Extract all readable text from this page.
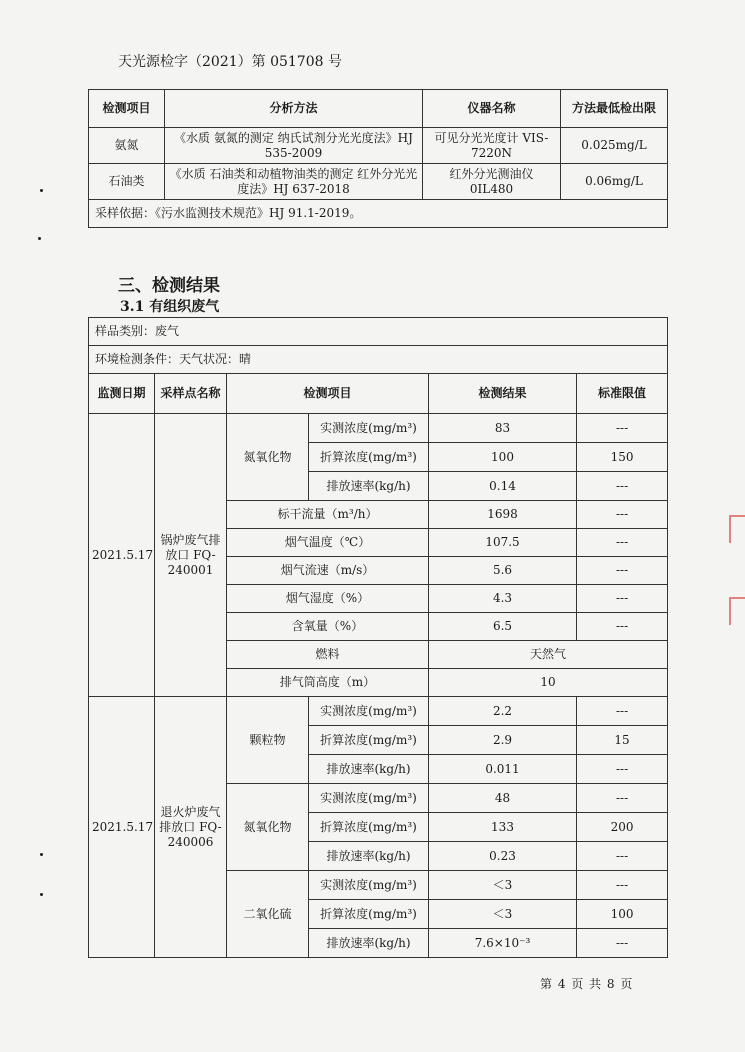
天光源检字（2021）第 051708 号
检测项目	分析方法	仪器名称	方法最低检出限
氨氮	《水质 氨氮的测定 纳氏试剂分光光度法》HJ 535-2009	可见分光光度计 VIS-7220N	0.025mg/L
石油类	《水质 石油类和动植物油类的测定 红外分光光度法》HJ 637-2018	红外分光测油仪 0IL480	0.06mg/L
采样依据：《污水监测技术规范》HJ 91.1-2019。			
三、检测结果
3.1 有组织废气
样品类别：废气					
环境检测条件：天气状况：晴					
监测日期	采样点名称	检测项目		检测结果	标准限值
2021.5.17	锅炉废气排放口 FQ-240001	氮氧化物	实测浓度(mg/m³)	83	---
			折算浓度(mg/m³)	100	150
			排放速率(kg/h)	0.14	---
		标干流量（m³/h）		1698	---
		烟气温度（℃）		107.5	---
		烟气流速（m/s）		5.6	---
		烟气湿度（%）		4.3	---
		含氧量（%）		6.5	---
		燃料		天然气	
		排气筒高度（m）		10	
2021.5.17	退火炉废气排放口 FQ-240006	颗粒物	实测浓度(mg/m³)	2.2	---
			折算浓度(mg/m³)	2.9	15
			排放速率(kg/h)	0.011	---
		氮氧化物	实测浓度(mg/m³)	48	---
			折算浓度(mg/m³)	133	200
			排放速率(kg/h)	0.23	---
		二氧化硫	实测浓度(mg/m³)	＜3	---
			折算浓度(mg/m³)	＜3	100
			排放速率(kg/h)	7.6×10⁻³	---
第 4 页 共 8 页
